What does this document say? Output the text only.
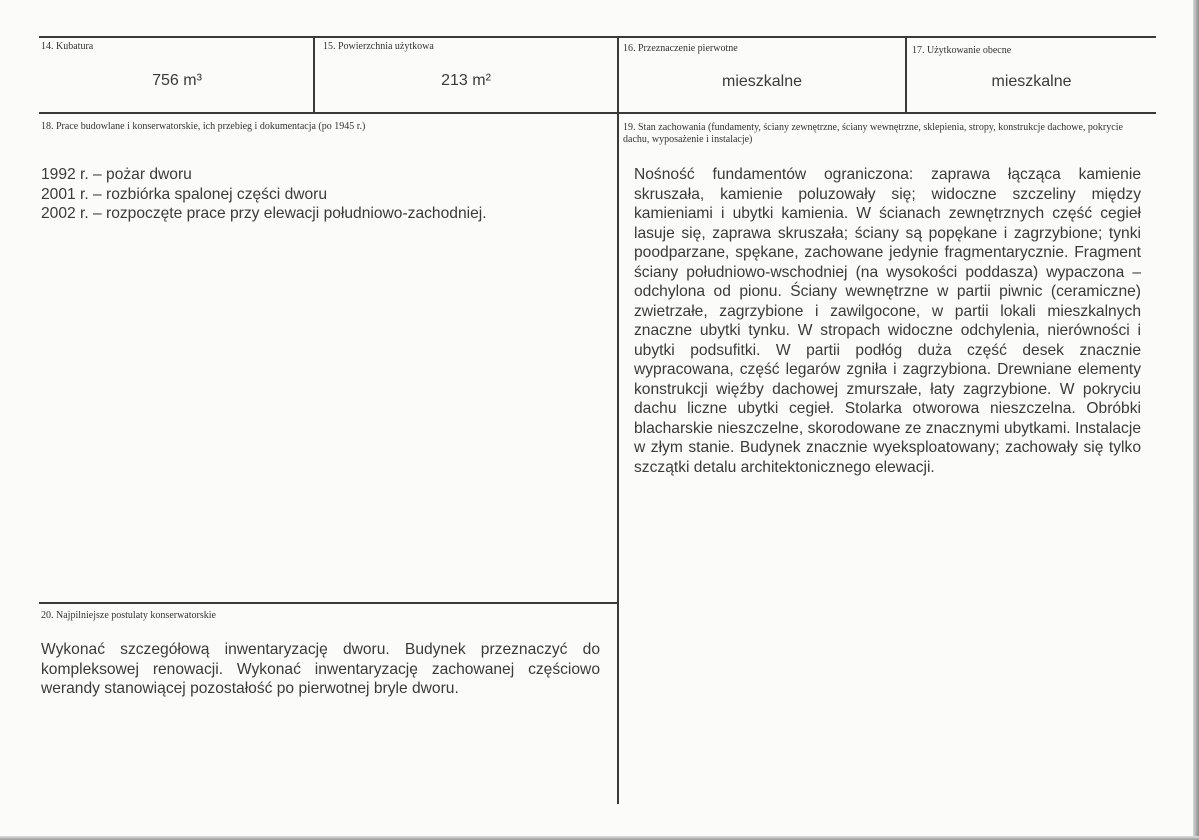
14. Kubatura
756 m³
15. Powierzchnia użytkowa
213 m²
16. Przeznaczenie pierwotne
mieszkalne
17. Użytkowanie obecne
mieszkalne
18. Prace budowlane i konserwatorskie, ich przebieg i dokumentacja (po 1945 r.)
1992 r. – pożar dworu
2001 r. – rozbiórka spalonej części dworu
2002 r. – rozpoczęte prace przy elewacji południowo-zachodniej.
19. Stan zachowania (fundamenty, ściany zewnętrzne, ściany wewnętrzne, sklepienia, stropy, konstrukcje dachowe, pokrycie dachu, wyposażenie i instalacje)
Nośność fundamentów ograniczona: zaprawa łącząca kamienie skruszała, kamienie poluzowały się; widoczne szczeliny między kamieniami i ubytki kamienia. W ścianach zewnętrznych część cegieł lasuje się, zaprawa skruszała; ściany są popękane i zagrzybione; tynki poodparzane, spękane, zachowane jedynie fragmentarycznie. Fragment ściany południowo-wschodniej (na wysokości poddasza) wypaczona – odchylona od pionu. Ściany wewnętrzne w partii piwnic (ceramiczne) zwietrzałe, zagrzybione i zawilgocone, w partii lokali mieszkalnych znaczne ubytki tynku. W stropach widoczne odchylenia, nierówności i ubytki podsufitki. W partii podłóg duża część desek znacznie wypracowana, część legarów zgniła i zagrzybiona. Drewniane elementy konstrukcji więźby dachowej zmurszałe, łaty zagrzybione. W pokryciu dachu liczne ubytki cegieł. Stolarka otworowa nieszczelna. Obróbki blacharskie nieszczelne, skorodowane ze znacznymi ubytkami. Instalacje w złym stanie. Budynek znacznie wyeksploatowany; zachowały się tylko szczątki detalu architektonicznego elewacji.
20. Najpilniejsze postulaty konserwatorskie
Wykonać szczegółową inwentaryzację dworu. Budynek przeznaczyć do kompleksowej renowacji. Wykonać inwentaryzację zachowanej częściowo werandy stanowiącej pozostałość po pierwotnej bryle dworu.
